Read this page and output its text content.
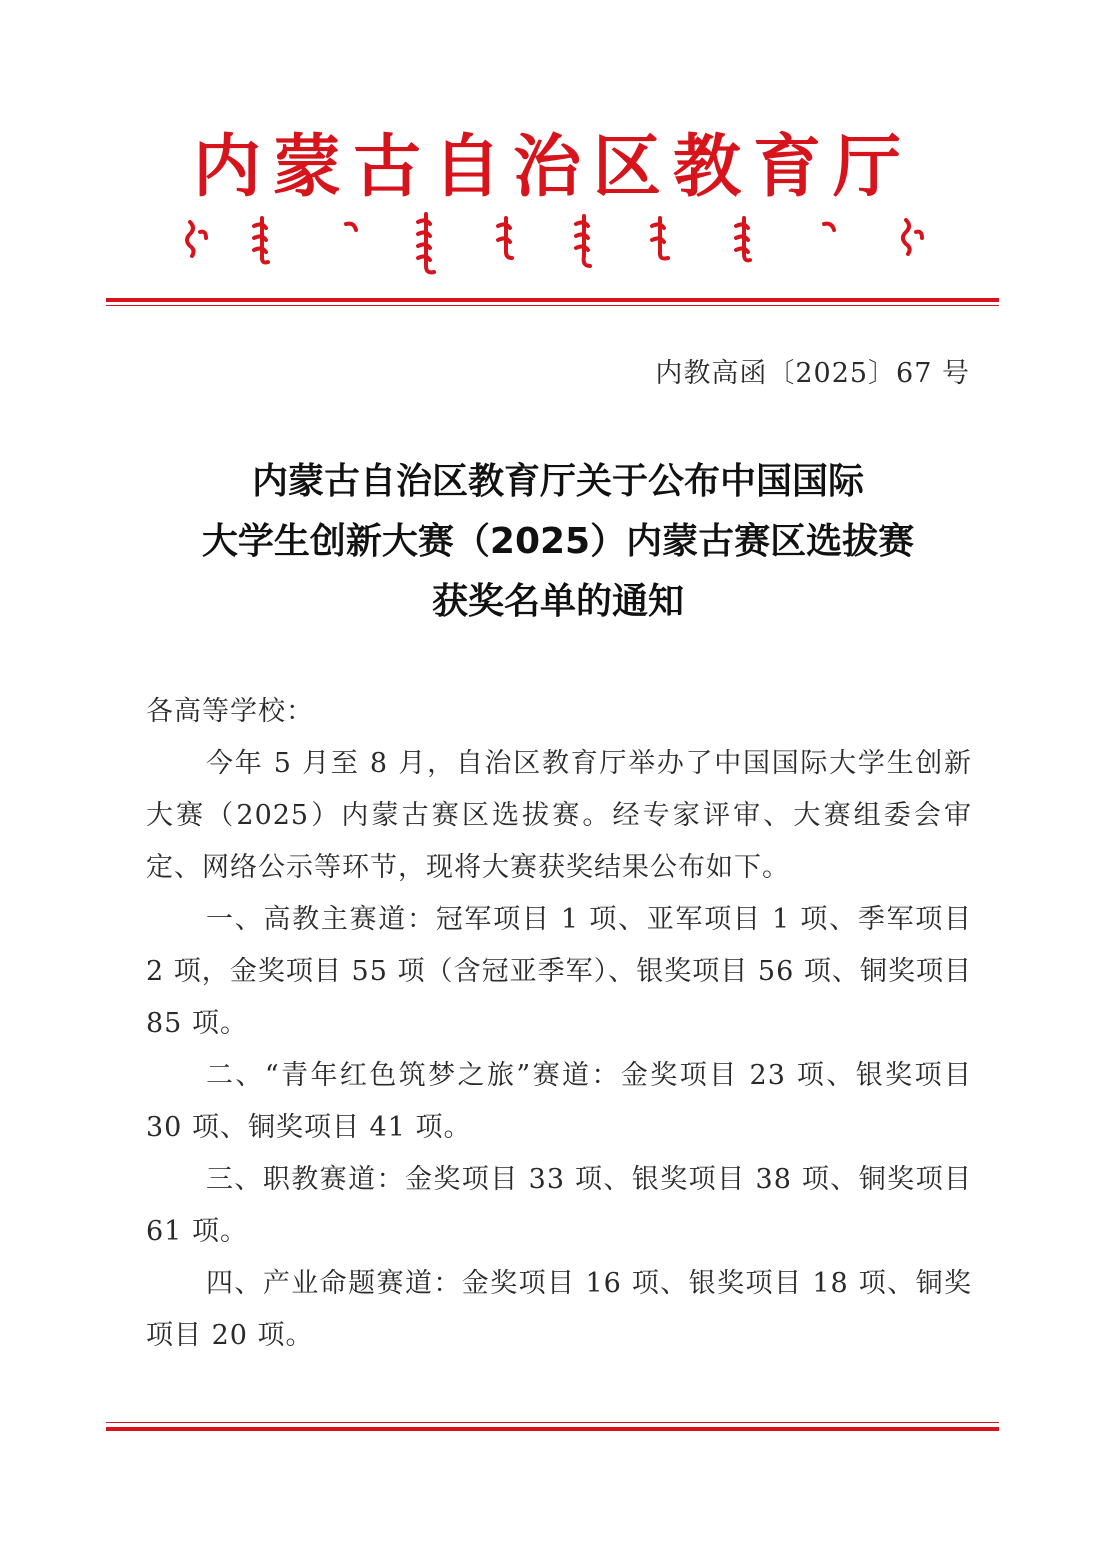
内蒙古自治区教育厅
内教高函〔2025〕67 号
内蒙古自治区教育厅关于公布中国国际
大学生创新大赛（2025）内蒙古赛区选拔赛
获奖名单的通知

各高等学校：

今年 5 月至 8 月，自治区教育厅举办了中国国际大学生创新大赛（2025）内蒙古赛区选拔赛。经专家评审、大赛组委会审定、网络公示等环节，现将大赛获奖结果公布如下。

一、高教主赛道：冠军项目 1 项、亚军项目 1 项、季军项目 2 项，金奖项目 55 项（含冠亚季军）、银奖项目 56 项、铜奖项目 85 项。

二、“青年红色筑梦之旅”赛道：金奖项目 23 项、银奖项目 30 项、铜奖项目 41 项。

三、职教赛道：金奖项目 33 项、银奖项目 38 项、铜奖项目 61 项。

四、产业命题赛道：金奖项目 16 项、银奖项目 18 项、铜奖项目 20 项。
